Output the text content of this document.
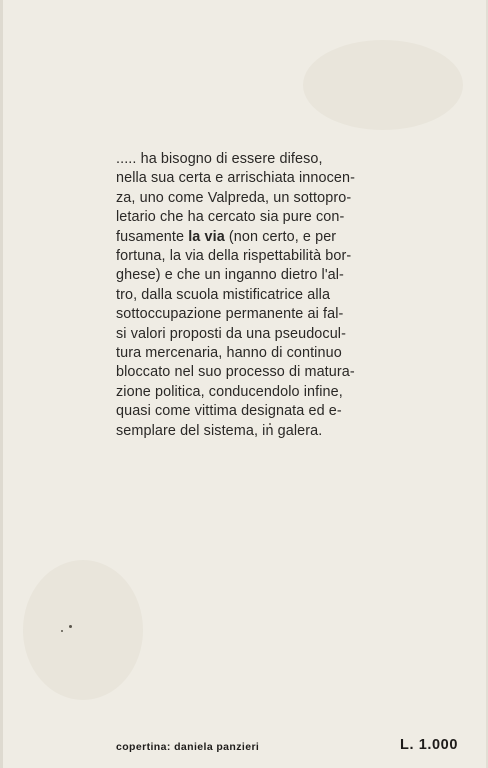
..... ha bisogno di essere difeso,
nella sua certa e arrischiata innocen-
za, uno come Valpreda, un sottopro-
letario che ha cercato sia pure con-
fusamente la via (non certo, e per
fortuna, la via della rispettabilità bor-
ghese) e che un inganno dietro l'al-
tro, dalla scuola mistificatrice alla
sottoccupazione permanente ai fal-
si valori proposti da una pseudocul-
tura mercenaria, hanno di continuo
bloccato nel suo processo di matura-
zione politica, conducendolo infine,
quasi come vittima designata ed e-
semplare del sistema, in galera.
copertina: daniela panzieri	L. 1.000
